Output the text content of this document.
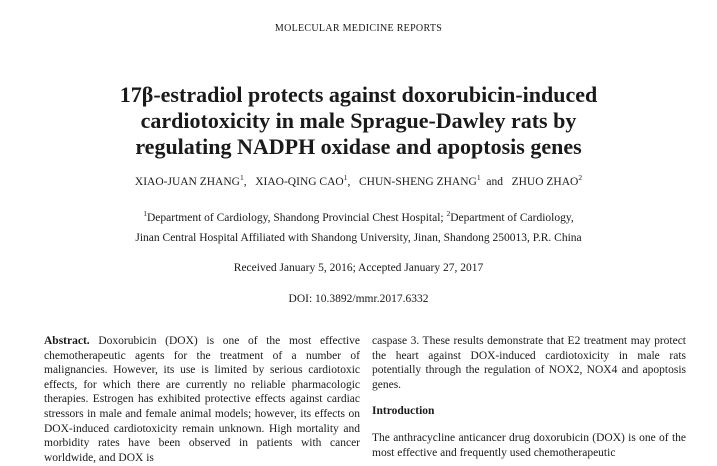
MOLECULAR MEDICINE REPORTS
17β-estradiol protects against doxorubicin-induced
cardiotoxicity in male Sprague-Dawley rats by
regulating NADPH oxidase and apoptosis genes
XIAO-JUAN ZHANG$^1$,   XIAO-QING CAO$^1$,   CHUN-SHENG ZHANG$^1$  and   ZHUO ZHAO$^2$
$^1$Department of Cardiology, Shandong Provincial Chest Hospital; $^2$Department of Cardiology,
Jinan Central Hospital Affiliated with Shandong University, Jinan, Shandong 250013, P.R. China
Received January 5, 2016; Accepted January 27, 2017
DOI: 10.3892/mmr.2017.6332

Abstract. Doxorubicin (DOX) is one of the most effective chemotherapeutic agents for the treatment of a number of malignancies. However, its use is limited by serious cardiotoxic effects, for which there are currently no reliable pharmacologic therapies. Estrogen has exhibited protective effects against cardiac stressors in male and female animal models; however, its effects on DOX-induced cardiotoxicity remain unknown. High mortality and morbidity rates have been observed in patients with cancer worldwide, and DOX is

caspase 3. These results demonstrate that E2 treatment may protect the heart against DOX-induced cardiotoxicity in male rats potentially through the regulation of NOX2, NOX4 and apoptosis genes.

Introduction

The anthracycline anticancer drug doxorubicin (DOX) is one of the most effective and frequently used chemotherapeutic
